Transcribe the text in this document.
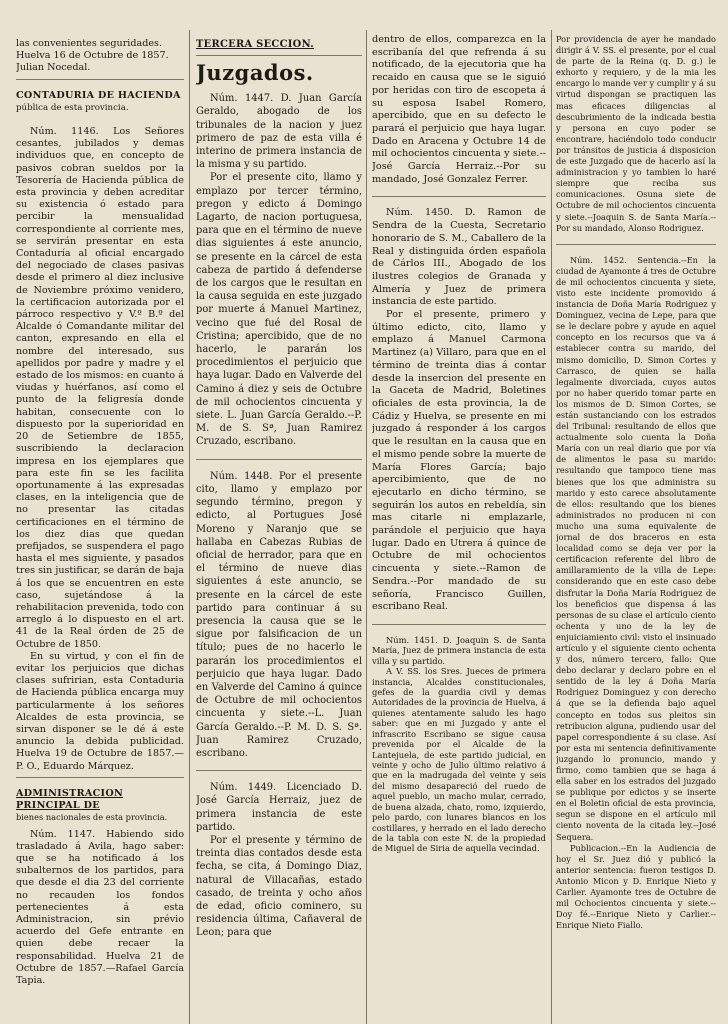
las convenientes seguridades.

Huelva 16 de Octubre de 1857.

Julian Nocedal.

CONTADURIA DE HACIENDA

pública de esta provincia.

Núm. 1146. Los Señores cesantes, jubilados y demas individuos que, en concepto de pasivos cobran sueldos por la Tesorería de Hacienda pública de esta provincia y deben acreditar su existencia ó estado para percibir la mensualidad correspondiente al corriente mes, se servirán presentar en esta Contaduría al oficial encargado del negociado de clases pasivas desde el primero al diez inclusive de Noviembre próximo venidero, la certificacion autorizada por el párroco respectivo y V.º B.º del Alcalde ó Comandante militar del canton, expresando en ella el nombre del interesado, sus apellidos por padre y madre y el estado de los mismos: en cuanto á viudas y huérfanos, así como el punto de la feligresía donde habitan, consecuente con lo dispuesto por la superioridad en 20 de Setiembre de 1855, suscribiendo la declaracion impresa en los ejemplares que para este fin se les facilita oportunamente á las expresadas clases, en la inteligencia que de no presentar las citadas certificaciones en el término de los diez dias que quedan prefijados, se suspendera el pago hasta el mes siguiente, y pasados tres sin justificar, se darán de baja á los que se encuentren en este caso, sujetándose á la rehabilitacion prevenida, todo con arreglo á lo dispuesto en el art. 41 de la Real órden de 25 de Octubre de 1850.

En su virtud, y con el fin de evitar los perjuicios que dichas clases sufririan, esta Contaduria de Hacienda pública encarga muy particularmente á los señores Alcaldes de esta provincia, se sirvan disponer se le dé á este anuncio la debida publicidad. Huelva 19 de Octubre de 1857.—P. O., Eduardo Márquez.

ADMINISTRACION PRINCIPAL DE

bienes nacionales de esta provincia.

Núm. 1147. Habiendo sido trasladado á Avila, hago saber: que se ha notificado á los subalternos de los partidos, para que desde el dia 23 del corriente no recauden los fondos pertenecientes á esta Administracion, sin prévio acuerdo del Gefe entrante en quien debe recaer la responsabilidad. Huelva 21 de Octubre de 1857.—Rafael García Tapia.

TERCERA SECCION.

Juzgados.

Núm. 1447. D. Juan García Geraldo, abogado de los tribunales de la nacion y juez primero de paz de esta villa é interino de primera instancia de la misma y su partido.

Por el presente cito, llamo y emplazo por tercer término, pregon y edicto á Domingo Lagarto, de nacion portuguesa, para que en el término de nueve dias siguientes á este anuncio, se presente en la cárcel de esta cabeza de partido á defenderse de los cargos que le resultan en la causa seguida en este juzgado por muerte á Manuel Martinez, vecino que fué del Rosal de Cristina; apercibido, que de no hacerlo, le pararán los procedimientos el perjuicio que haya lugar. Dado en Valverde del Camino á diez y seis de Octubre de mil ochocientos cincuenta y siete. L. Juan García Geraldo.--P. M. de S. Sª, Juan Ramirez Cruzado, escribano.

Núm. 1448. Por el presente cito, llamo y emplazo por segundo término, pregon y edicto, al Portugues José Moreno y Naranjo que se hallaba en Cabezas Rubias de oficial de herrador, para que en el término de nueve dias siguientes á este anuncio, se presente en la cárcel de este partido para continuar á su presencia la causa que se le sigue por falsificacion de un título; pues de no hacerlo le pararán los procedimientos el perjuicio que haya lugar. Dado en Valverde del Camino á quince de Octubre de mil ochocientos cincuenta y siete.--L. Juan García Geraldo.--P. M. D. S. Sª. Juan Ramirez Cruzado, escribano.

Núm. 1449. Licenciado D. José García Herraiz, juez de primera instancia de este partido.

Por el presente y término de treinta dias contados desde esta fecha, se cita, á Domingo Diaz, natural de Villacañas, estado casado, de treinta y ocho años de edad, oficio cominero, su residencia última, Cañaveral de Leon; para que

dentro de ellos, comparezca en la escribanía del que refrenda á su notificado, de la ejecutoria que ha recaido en causa que se le siguió por heridas con tiro de escopeta á su esposa Isabel Romero, apercibido, que en su defecto le parará el perjuicio que haya lugar. Dado en Aracena y Octubre 14 de mil ochocientos cincuenta y siete.--José García Herraiz.--Por su mandado, José Gonzalez Ferrer.

Núm. 1450. D. Ramon de Sendra de la Cuesta, Secretario honorario de S. M., Caballero de la Real y distinguida órden española de Cárlos III., Abogado de los ilustres colegios de Granada y Almería y Juez de primera instancia de este partido.

Por el presente, primero y último edicto, cito, llamo y emplazo á Manuel Carmona Martinez (a) Villaro, para que en el término de treinta dias á contar desde la insercion del presente en la Gaceta de Madrid, Boletines oficiales de esta provincia, la de Cádiz y Huelva, se presente en mi juzgado á responder á los cargos que le resultan en la causa que en el mismo pende sobre la muerte de María Flores García; bajo apercibimiento, que de no ejecutarlo en dicho término, se seguirán los autos en rebeldía, sin mas citarle ni emplazarle, parándole el perjuicio que haya lugar. Dado en Utrera á quince de Octubre de mil ochocientos cincuenta y siete.--Ramon de Sendra.--Por mandado de su señoría, Francisco Guillen, escribano Real.

Núm. 1451. D. Joaquin S. de Santa María, Juez de primera instancia de esta villa y su partido.

A V. SS. los Sres. Jueces de primera instancia, Alcaldes constitucionales, gefes de la guardia civil y demas Autoridades de la provincia de Huelva, á quienes atentamente saludo les hago saber: que en mi Juzgado y ante el infrascrito Escribano se sigue causa prevenida por el Alcalde de la Lantejuela, de este partido judicial, en veinte y ocho de Julio último relativo á que en la madrugada del veinte y seis del mismo desapareció del ruedo de aquel pueblo, un macho mular, cerrado, de buena alzada, chato, romo, izquierdo, pelo pardo, con lunares blancos en los costillares, y herrado en el lado derecho de la tabla con este N. de la propiedad de Miguel de Siria de aquella vecindad.

Por providencia de ayer he mandado dirigir á V. SS. el presente, por el cual de parte de la Reina (q. D. g.) le exhorto y requiero, y de la mia les encargo lo mande ver y cumplir y á su virtud dispongan se practiquen las mas eficaces diligencias al descubrimiento de la indicada bestia y persona en cuyo poder se encontrare, haciéndolo todo conducir por tránsitos de justicia á disposicion de este Juzgado que de hacerlo así la administracion y yo tambien lo haré siempre que reciba sus comunicaciones. Osuna siete de Octubre de mil ochocientos cincuenta y siete.--Joaquin S. de Santa María.--Por su mandado, Alonso Rodriguez.

Núm. 1452. Sentencia.--En la ciudad de Ayamonte á tres de Octubre de mil ochocientos cincuenta y siete, visto este incidente promovido á instancia de Doña María Rodriguez y Dominguez, vecina de Lepe, para que se le declare pobre y ayude en aquel concepto en los recursos que va á establecer contra su marido, del mismo domicilio, D. Simon Cortes y Carrasco, de quien se halla legalmente divorciada, cuyos autos por no haber querido tomar parte en los mismos de D. Simon Cortes, se están sustanciando con los estrados del Tribunal: resultando de ellos que actualmente solo cuenta la Doña María con un real diario que por vía de alimentos le pasa su marido: resultando que tampoco tiene mas bienes que los que administra su marido y esto carece absolutamente de ellos: resultando que los bienes administrados no producen ni con mucho una suma equivalente de jornal de dos braceros en esta localidad como se deja ver por la certificacion referente del libro de amillaramiento de la villa de Lepe: considerando que en este caso debe disfrutar la Doña María Rodriguez de los beneficios que dispensa á las personas de su clase el artículo ciento ochenta y uno de la ley de enjuiciamiento civil: visto el insinuado artículo y el siguiente ciento ochenta y dos, número tercero, fallo: Que debo declarar y declaro pobre en el sentido de la ley á Doña María Rodriguez Dominguez y con derecho á que se la defienda bajo aquel concepto en todos sus pleitos sin retribucion alguna, pudiendo usar del papel correspondiente á su clase. Así por esta mi sentencia definitivamente juzgando lo pronuncio, mando y firmo, como tambien que se haga á ella saber en los estrados del juzgado se publique por edictos y se inserte en el Boletin oficial de esta provincia, segun se dispone en el artículo mil ciento noventa de la citada ley.--José Sequera.

Publicacion.--En la Audiencia de hoy el Sr. Juez dió y publicó la anterior sentencia: fueron testigos D. Antonio Micon y D. Enrique Nieto y Carlier. Ayamonte tres de Octubre de mil Ochocientos cincuenta y siete.--Doy fé.--Enrique Nieto y Carlier.--Enrique Nieto Fiallo.
